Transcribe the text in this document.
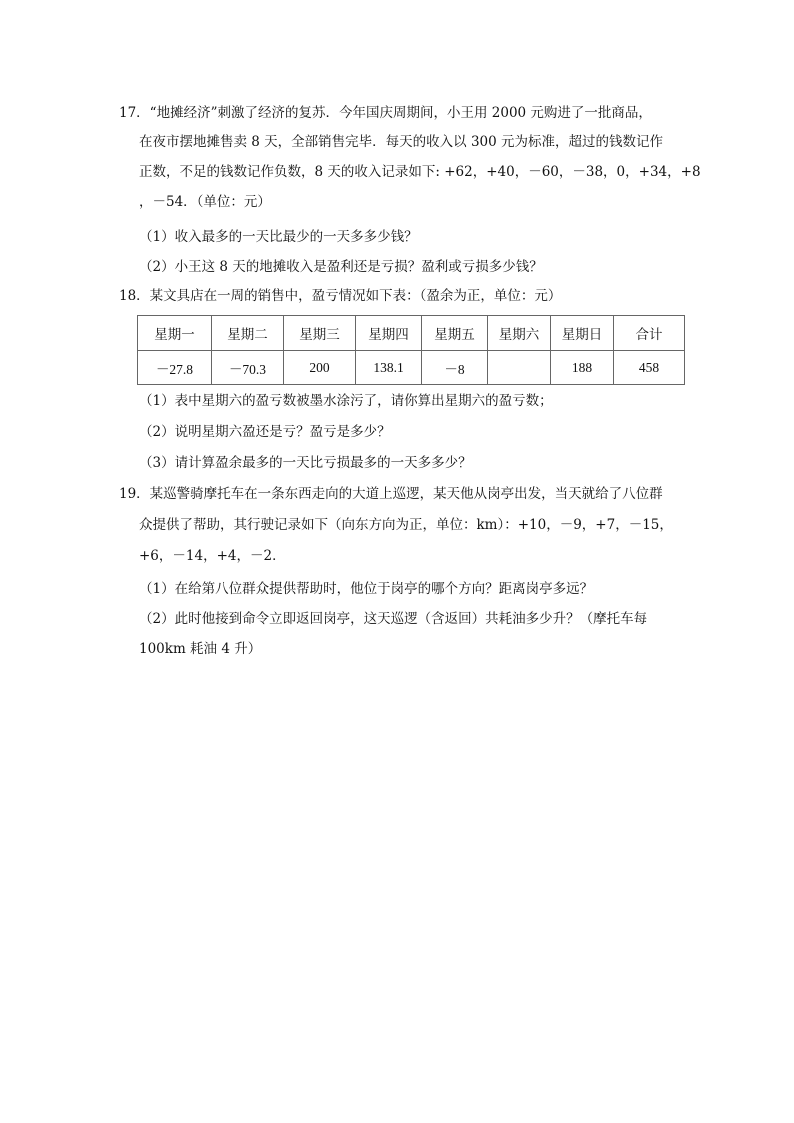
17．“地摊经济”刺激了经济的复苏．今年国庆周期间，小王用 2000 元购进了一批商品，
在夜市摆地摊售卖 8 天，全部销售完毕．每天的收入以 300 元为标准，超过的钱数记作
正数，不足的钱数记作负数，8 天的收入记录如下: +62，+40，－60，－38，0，+34，+8
，－54．（单位：元）
（1）收入最多的一天比最少的一天多多少钱？
（2）小王这 8 天的地摊收入是盈利还是亏损？盈利或亏损多少钱？
18．某文具店在一周的销售中，盈亏情况如下表：（盈余为正，单位：元）
星期一	星期二	星期三	星期四	星期五	星期六	星期日	合计
－27.8	－70.3	200	138.1	－8		188	458
（1）表中星期六的盈亏数被墨水涂污了，请你算出星期六的盈亏数；
（2）说明星期六盈还是亏？盈亏是多少？
（3）请计算盈余最多的一天比亏损最多的一天多多少？
19．某巡警骑摩托车在一条东西走向的大道上巡逻，某天他从岗亭出发，当天就给了八位群
众提供了帮助，其行驶记录如下（向东方向为正，单位：km）：+10，－9，+7，－15，
+6，－14，+4，－2．
（1）在给第八位群众提供帮助时，他位于岗亭的哪个方向？距离岗亭多远？
（2）此时他接到命令立即返回岗亭，这天巡逻（含返回）共耗油多少升？（摩托车每
100km 耗油 4 升）
